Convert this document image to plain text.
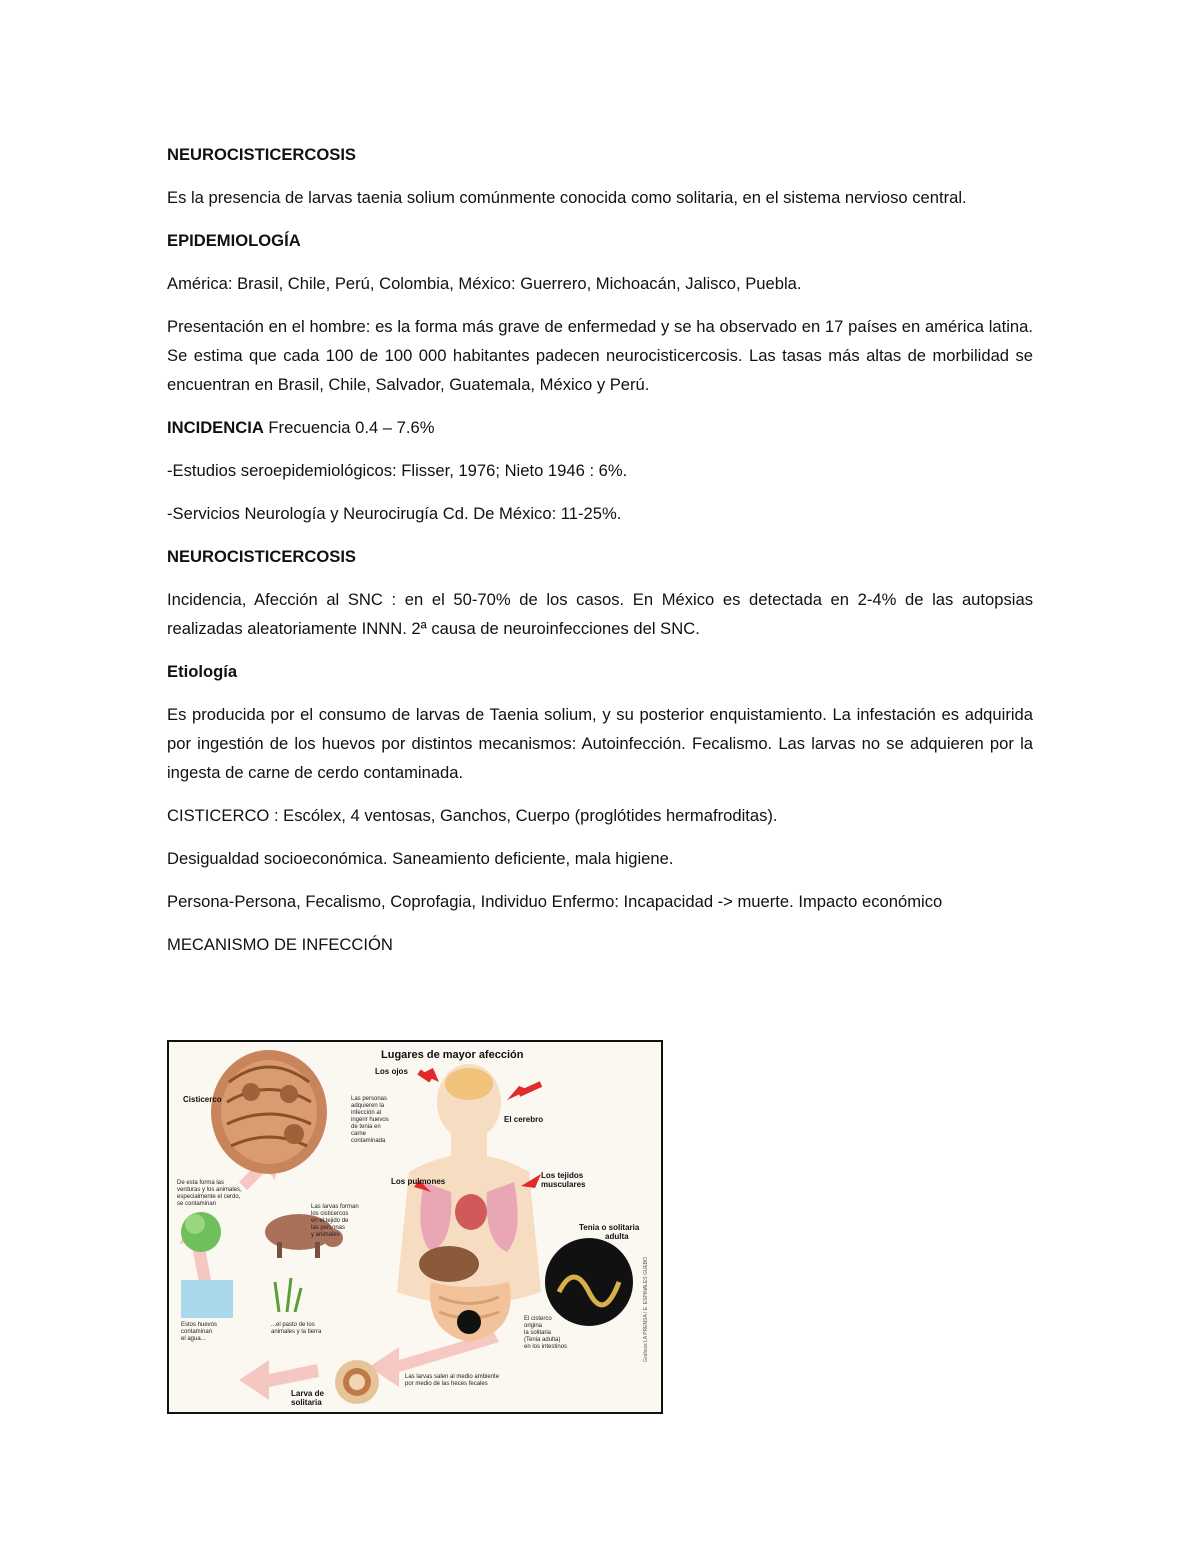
NEUROCISTICERCOSIS

Es la presencia de larvas taenia solium comúnmente conocida como solitaria, en el sistema nervioso central.

EPIDEMIOLOGÍA

América: Brasil, Chile, Perú, Colombia, México: Guerrero, Michoacán, Jalisco, Puebla.

Presentación en el hombre: es la forma más grave de enfermedad y se ha observado en 17 países en américa latina. Se estima que cada 100 de 100 000 habitantes padecen neurocisticercosis. Las tasas más altas de morbilidad se encuentran en Brasil, Chile, Salvador, Guatemala, México y Perú.

INCIDENCIA Frecuencia 0.4 – 7.6%

-Estudios seroepidemiológicos: Flisser, 1976; Nieto 1946 : 6%.

-Servicios Neurología y Neurocirugía Cd. De México: 11-25%.

NEUROCISTICERCOSIS

Incidencia, Afección al SNC : en el 50-70% de los casos. En México es detectada en 2-4% de las autopsias realizadas aleatoriamente INNN. 2ª causa de neuroinfecciones del SNC.

Etiología

Es producida por el consumo de larvas de Taenia solium, y su posterior enquistamiento. La infestación es adquirida por ingestión de los huevos por distintos mecanismos: Autoinfección. Fecalismo. Las larvas no se adquieren por la ingesta de carne de cerdo contaminada.

CISTICERCO : Escólex, 4 ventosas, Ganchos, Cuerpo (proglótides hermafroditas).

Desigualdad socioeconómica. Saneamiento deficiente, mala higiene.

Persona-Persona, Fecalismo, Coprofagia, Individuo Enfermo: Incapacidad -> muerte. Impacto económico

MECANISMO DE INFECCIÓN

Lugares de mayor afección
Los ojos
El cerebro
Los pulmones
Los tejidos
musculares
Tenia o solitaria
adulta
Cisticerco
Larva de
solitaria
Las personas
adquieren la
infección al
ingerir huevos
de tenia en
carne
contaminada
De esta forma las
verduras y los animales,
especialmente el cerdo,
se contaminan	Las larvas forman
los cisticercos
en el tejido de
las personas
y animales
Estos huevos
contaminan
el agua...
...el pasto de los
animales y la tierra
El cisterco
origina
la solitaria
(Tenia adulta)
en los intestinos
Las larvas salen al medio ambiente
por medio de las heces fecales
Gráficos LA PRENSA / E. ESPINALES GUEBO
